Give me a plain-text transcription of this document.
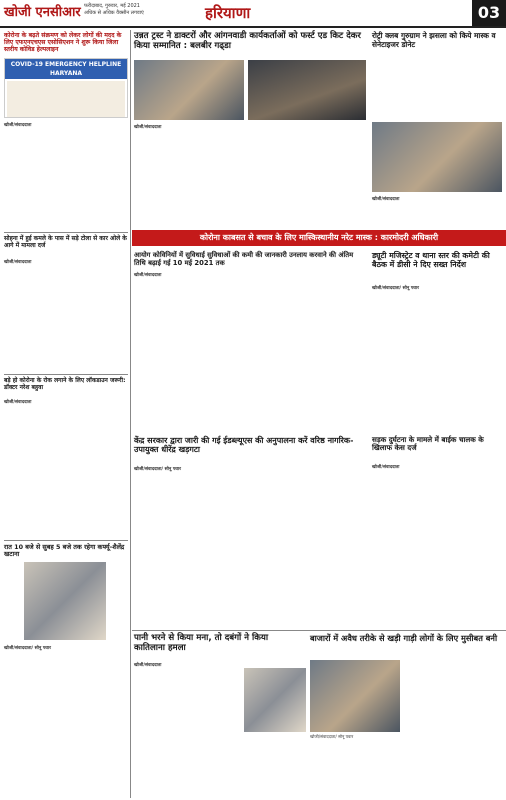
खोजी एनसीआर फरीदाबाद, गुरुवार, मई 2021
अधिक से अधिक वैक्सीन लगवाएं	हरियाणा	03
कोरोना के बढ़ते संक्रमण को लेकर लोगों की मदद के लिए एफएनएचएस एसोसिएशन ने शुरू किया जिला स्तरीय कोविड हेल्पलाइन
COVID-19 EMERGENCY HELPLINE HARYANA
खोजी/संवाददाता
सोहना में हुई कमले के पास में सड़े टोला से कार ओले के आगे में मामला दर्ज
खोजी/संवाददाता
बड़े हो कोरोना के रोक लगाने के लिए लॉकडाउन जरूरी: डॉक्टर नरेश बहुवा
खोजी/संवाददाता
रात 10 बजे से सुबह 5 बजे तक रहेगा कर्फ्यू-शैलेंद्र खटाना
खोजी/संवाददाता/ सोनू पवार
उन्नत ट्रस्ट ने डाक्टरों और आंगनवाडी कार्यकर्ताओं को फर्स्ट एड किट देकर किया सम्मानित : बलबीर गढ्डा
खोजी/संवाददाता
रोट्री क्लब गुरुग्राम ने झसला को किये मास्क व सेनेटाइजर डोनेट
खोजी/संवाददाता
कोरोना काबसत से बचाव के लिए मास्किस्थानीय नरेट मास्क : कारमोदरी अधिकारी
आयोग कोविनियों में सुविधाई सुविधाओं की कमी की जानकारी उनलाय करवाने की अंतिम तिथि बढ़ाई गई 10 मई 2021 तक
खोजी/संवाददाता
ड्यूटी मजिस्ट्रेट व थाना स्तर की कमेटी की बैठक में डीसी ने दिए सख्त निर्देश
खोजी/संवाददाता/ सोनू पवार
केंद्र सरकार द्वारा जारी की गई ईडब्ल्यूएस की अनुपालना करें वरिष्ठ नागरिक-उपायुक्त धीरेंद्र खड़गटा
खोजी/संवाददाता/ सोनू पवार
सड़क दुर्घटना के मामले में बाईक चालक के खिलाफ केस दर्ज
खोजी/संवाददाता
पानी भरने से किया मना, तो दबंगों ने किया कातिलाना हमला
खोजी/संवाददाता
बाजारों में अवैध तरीके से खड़ी गाड़ी लोगों के लिए मुसीबत बनी
खोजी/संवाददाता/ सोनू पवार
